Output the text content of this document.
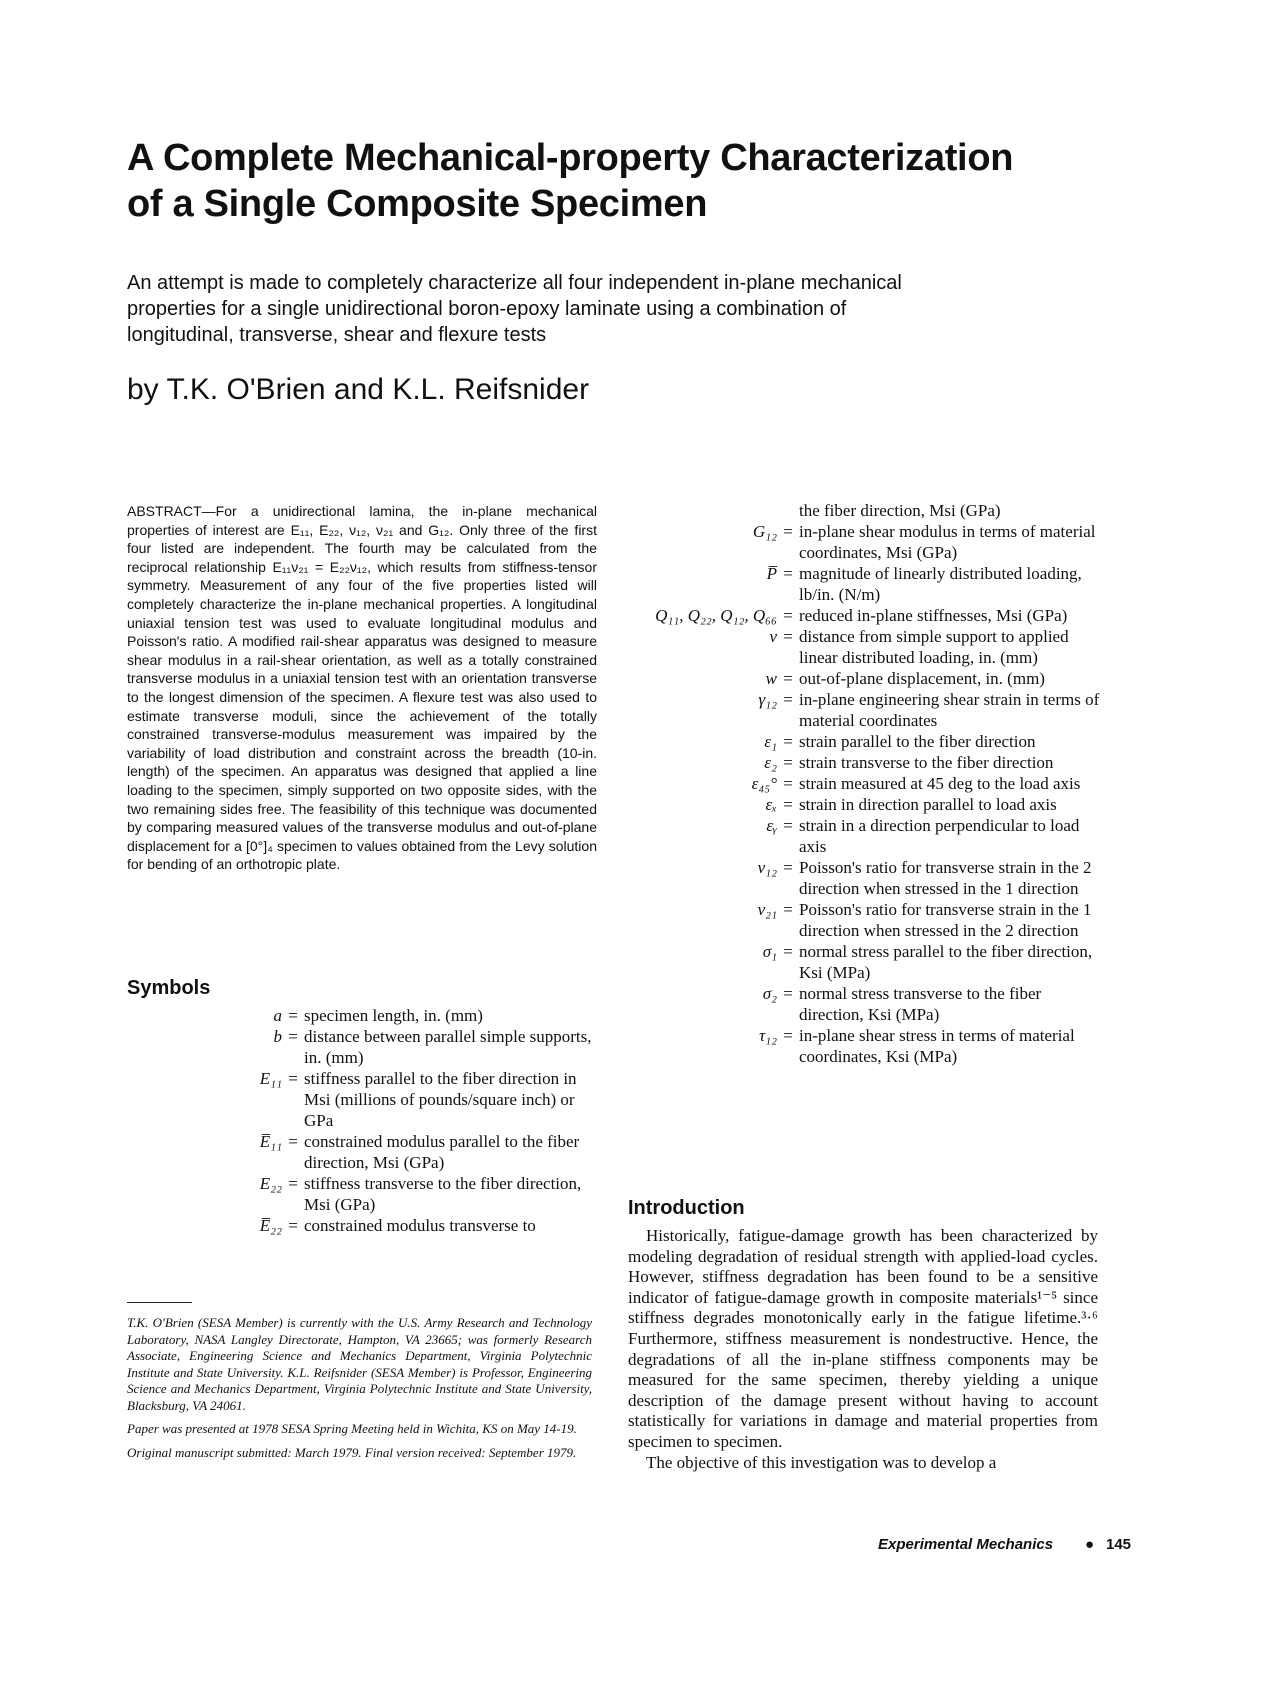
A Complete Mechanical-property Characterization
of a Single Composite Specimen
An attempt is made to completely characterize all four independent in-plane mechanical properties for a single unidirectional boron-epoxy laminate using a combination of longitudinal, transverse, shear and flexure tests
by T.K. O'Brien and K.L. Reifsnider
ABSTRACT—For a unidirectional lamina, the in-plane mechanical properties of interest are E₁₁, E₂₂, ν₁₂, ν₂₁ and G₁₂. Only three of the first four listed are independent. The fourth may be calculated from the reciprocal relationship E₁₁ν₂₁ = E₂₂ν₁₂, which results from stiffness-tensor symmetry. Measurement of any four of the five properties listed will completely characterize the in-plane mechanical properties. A longitudinal uniaxial tension test was used to evaluate longitudinal modulus and Poisson's ratio. A modified rail-shear apparatus was designed to measure shear modulus in a rail-shear orientation, as well as a totally constrained transverse modulus in a uniaxial tension test with an orientation transverse to the longest dimension of the specimen. A flexure test was also used to estimate transverse moduli, since the achievement of the totally constrained transverse-modulus measurement was impaired by the variability of load distribution and constraint across the breadth (10-in. length) of the specimen. An apparatus was designed that applied a line loading to the specimen, simply supported on two opposite sides, with the two remaining sides free. The feasibility of this technique was documented by comparing measured values of the transverse modulus and out-of-plane displacement for a [0°]₄ specimen to values obtained from the Levy solution for bending of an orthotropic plate.
Symbols
a = specimen length, in. (mm)
b = distance between parallel simple supports, in. (mm)
E₁₁ = stiffness parallel to the fiber direction in Msi (millions of pounds/square inch) or GPa
E̅₁₁ = constrained modulus parallel to the fiber direction, Msi (GPa)
E₂₂ = stiffness transverse to the fiber direction, Msi (GPa)
E̅₂₂ = constrained modulus transverse to

T.K. O'Brien (SESA Member) is currently with the U.S. Army Research and Technology Laboratory, NASA Langley Directorate, Hampton, VA 23665; was formerly Research Associate, Engineering Science and Mechanics Department, Virginia Polytechnic Institute and State University. K.L. Reifsnider (SESA Member) is Professor, Engineering Science and Mechanics Department, Virginia Polytechnic Institute and State University, Blacksburg, VA 24061.

Paper was presented at 1978 SESA Spring Meeting held in Wichita, KS on May 14-19.

Original manuscript submitted: March 1979. Final version received: September 1979.

the fiber direction, Msi (GPa)
G₁₂ = in-plane shear modulus in terms of material coordinates, Msi (GPa)
P̅ = magnitude of linearly distributed loading, lb/in. (N/m)
Q₁₁, Q₂₂, Q₁₂, Q₆₆ = reduced in-plane stiffnesses, Msi (GPa)
v = distance from simple support to applied linear distributed loading, in. (mm)
w = out-of-plane displacement, in. (mm)
γ₁₂ = in-plane engineering shear strain in terms of material coordinates
ε₁ = strain parallel to the fiber direction
ε₂ = strain transverse to the fiber direction
ε₄₅° = strain measured at 45 deg to the load axis
εₓ = strain in direction parallel to load axis
εᵧ = strain in a direction perpendicular to load axis
ν₁₂ = Poisson's ratio for transverse strain in the 2 direction when stressed in the 1 direction
ν₂₁ = Poisson's ratio for transverse strain in the 1 direction when stressed in the 2 direction
σ₁ = normal stress parallel to the fiber direction, Ksi (MPa)
σ₂ = normal stress transverse to the fiber direction, Ksi (MPa)
τ₁₂ = in-plane shear stress in terms of material coordinates, Ksi (MPa)
Introduction

Historically, fatigue-damage growth has been characterized by modeling degradation of residual strength with applied-load cycles. However, stiffness degradation has been found to be a sensitive indicator of fatigue-damage growth in composite materials¹⁻⁵ since stiffness degrades monotonically early in the fatigue lifetime.³·⁶ Furthermore, stiffness measurement is nondestructive. Hence, the degradations of all the in-plane stiffness components may be measured for the same specimen, thereby yielding a unique description of the damage present without having to account statistically for variations in damage and material properties from specimen to specimen.

The objective of this investigation was to develop a

Experimental Mechanics ● 145
